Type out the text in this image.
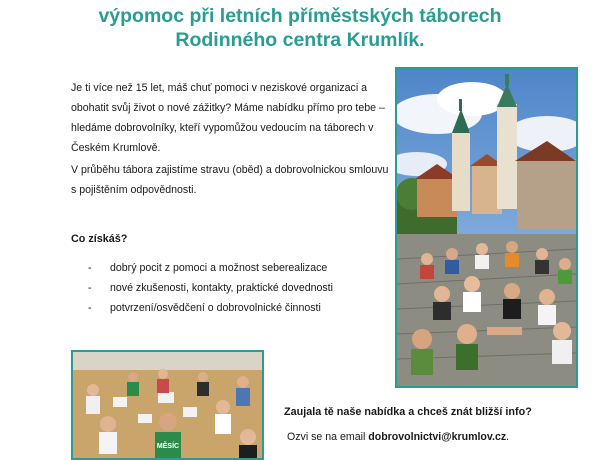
výpomoc při letních příměstských táborech
Rodinného centra Krumlík.
Je ti více než 15 let, máš chuť pomoci v neziskové organizaci a obohatit svůj život o nové zážitky? Máme nabídku přímo pro tebe – hledáme dobrovolníky, kteří vypomůžou vedoucím na táborech v Českém Krumlově.
V průběhu tábora zajistíme stravu (oběd) a dobrovolnickou smlouvu s pojištěním odpovědnosti.
Co získáš?
- dobrý pocit z pomoci a možnost seberealizace
- nové zkušenosti, kontakty, praktické dovednosti
- potvrzení/osvědčení o dobrovolnické činnosti
MĚSÍC
Zaujala tě naše nabídka a chceš znát bližší info?
Ozvi se na email dobrovolnictvi@krumlov.cz.
